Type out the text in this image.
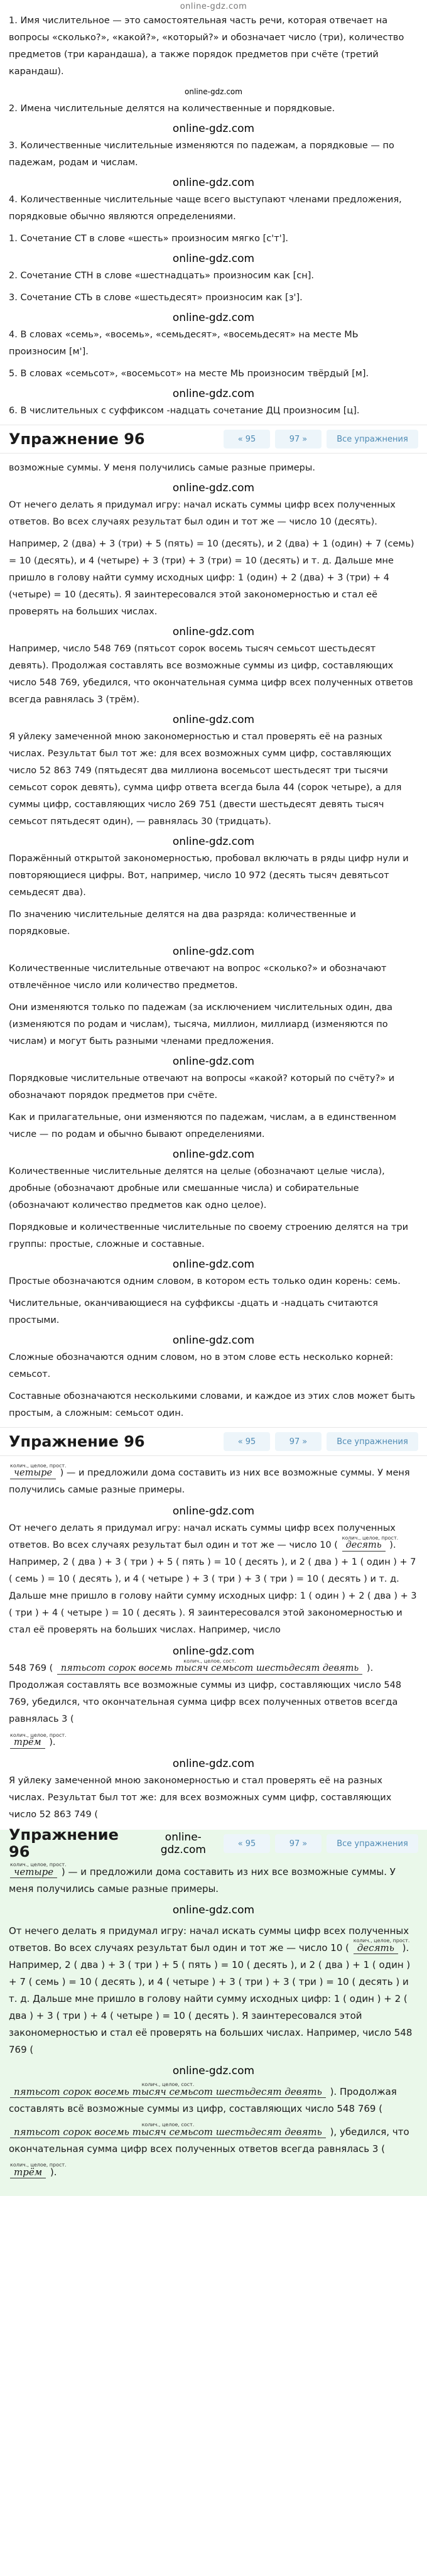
online-gdz.com

1. Имя числительное — это самостоятельная часть речи, которая отвечает на вопросы «сколько?», «какой?», «который?» и обозначает число (три), количество предметов (три карандаша), а также порядок предметов при счёте (третий карандаш).

online-gdz.com

2. Имена числительные делятся на количественные и порядковые.

online-gdz.com

3. Количественные числительные изменяются по падежам, а порядковые — по падежам, родам и числам.

online-gdz.com

4. Количественные числительные чаще всего выступают членами предложения, порядковые обычно являются определениями.

1. Сочетание СТ в слове «шесть» произносим мягко [с'т'].

online-gdz.com

2. Сочетание СТН в слове «шестнадцать» произносим как [сн].

3. Сочетание СТЬ в слове «шестьдесят» произносим как [з'].

online-gdz.com

4. В словах «семь», «восемь», «семьдесят», «восемьдесят» на месте МЬ произносим [м'].

5. В словах «семьсот», «восемьсот» на месте МЬ произносим твёрдый [м].

online-gdz.com

6. В числительных с суффиксом -надцать сочетание ДЦ произносим [ц].

Упражнение 96	« 95	97 »	Все упражнения

возможные суммы. У меня получились самые разные примеры.

online-gdz.com

От нечего делать я придумал игру: начал искать суммы цифр всех полученных ответов. Во всех случаях результат был один и тот же — число 10 (десять).

Например, 2 (два) + 3 (три) + 5 (пять) = 10 (десять), и 2 (два) + 1 (один) + 7 (семь) = 10 (десять), и 4 (четыре) + 3 (три) + 3 (три) = 10 (десять) и т. д. Дальше мне пришло в голову найти сумму исходных цифр: 1 (один) + 2 (два) + 3 (три) + 4 (четыре) = 10 (десять). Я заинтересовался этой закономерностью и стал её проверять на больших числах.

online-gdz.com

Например, число 548 769 (пятьсот сорок восемь тысяч семьсот шестьдесят девять). Продолжая составлять все возможные суммы из цифр, составляющих число 548 769, убедился, что окончательная сумма цифр всех полученных ответов всегда равнялась 3 (трём).

online-gdz.com

Я уйлеку замеченной мною закономерностью и стал проверять её на разных числах. Результат был тот же: для всех возможных сумм цифр, составляющих число 52 863 749 (пятьдесят два миллиона восемьсот шестьдесят три тысячи семьсот сорок девять), сумма цифр ответа всегда была 44 (сорок четыре), а для суммы цифр, составляющих число 269 751 (двести шестьдесят девять тысяч семьсот пятьдесят один), — равнялась 30 (тридцать).

online-gdz.com

Поражённый открытой закономерностью, пробовал включать в ряды цифр нули и повторяющиеся цифры. Вот, например, число 10 972 (десять тысяч девятьсот семьдесят два).

По значению числительные делятся на два разряда: количественные и порядковые.

online-gdz.com

Количественные числительные отвечают на вопрос «сколько?» и обозначают отвлечённое число или количество предметов.

Они изменяются только по падежам (за исключением числительных один, два (изменяются по родам и числам), тысяча, миллион, миллиард (изменяются по числам) и могут быть разными членами предложения.

online-gdz.com

Порядковые числительные отвечают на вопросы «какой? который по счёту?» и обозначают порядок предметов при счёте.

Как и прилагательные, они изменяются по падежам, числам, а в единственном числе — по родам и обычно бывают определениями.

online-gdz.com

Количественные числительные делятся на целые (обозначают целые числа), дробные (обозначают дробные или смешанные числа) и собирательные (обозначают количество предметов как одно целое).

Порядковые и количественные числительные по своему строению делятся на три группы: простые, сложные и составные.

online-gdz.com

Простые обозначаются одним словом, в котором есть только один корень: семь.

Числительные, оканчивающиеся на суффиксы -дцать и -надцать считаются простыми.

online-gdz.com

Сложные обозначаются одним словом, но в этом слове есть несколько корней: семьсот.

Составные обозначаются несколькими словами, и каждое из этих слов может быть простым, а сложным: семьсот один.

Упражнение 96	« 95	97 »	Все упражнения

колич., целое, прост.
четыре ) — и предложили дома составить из них все возможные суммы. У меня получились самые разные примеры.

online-gdz.com

От нечего делать я придумал игру: начал искать суммы цифр всех полученных ответов. Во всех случаях результат был один и тот же — число 10 (
колич., целое, прост.
десять ). Например, 2 ( два ) + 3 ( три ) + 5 ( пять ) = 10 ( десять ), и 2 ( два ) + 1 ( один ) + 7 ( семь ) = 10 ( десять ), и 4 ( четыре ) + 3 ( три ) + 3 ( три ) = 10 ( десять ) и т. д. Дальше мне пришло в голову найти сумму исходных цифр: 1 ( один ) + 2 ( два ) + 3 ( три ) + 4 ( четыре ) = 10 ( десять ). Я заинтересовался этой закономерностью и стал её проверять на больших числах. Например, число

online-gdz.com

548 769 (
колич., целое, сост.
пятьсот сорок восемь тысяч семьсот шестьдесят девять ). Продолжая составлять все возможные суммы из цифр, составляющих число 548 769, убедился, что окончательная сумма цифр всех полученных ответов всегда равнялась 3 (

колич., целое, прост.
трём ).

online-gdz.com

Я уйлеку замеченной мною закономерностью и стал проверять её на разных числах. Результат был тот же: для всех возможных сумм цифр, составляющих число 52 863 749 (

Упражнение 96
online-gdz.com	« 95	97 »	Все упражнения

колич., целое, прост.
четыре ) — и предложили дома составить из них все возможные суммы. У меня получились самые разные примеры.

online-gdz.com

От нечего делать я придумал игру: начал искать суммы цифр всех полученных ответов. Во всех случаях результат был один и тот же — число 10 (
колич., целое, прост.
десять ). Например, 2 ( два ) + 3 ( три ) + 5 ( пять ) = 10 ( десять ), и 2 ( два ) + 1 ( один ) + 7 ( семь ) = 10 ( десять ), и 4 ( четыре ) + 3 ( три ) + 3 ( три ) = 10 ( десять ) и т. д. Дальше мне пришло в голову найти сумму исходных цифр: 1 ( один ) + 2 ( два ) + 3 ( три ) + 4 ( четыре ) = 10 ( десять ). Я заинтересовался этой закономерностью и стал её проверять на больших числах. Например, число 548 769 (

online-gdz.com

колич., целое, сост.
пятьсот сорок восемь тысяч семьсот шестьдесят девять ). Продолжая составлять всё возможные суммы из цифр, составляющих число 548 769 (

колич., целое, сост.
пятьсот сорок восемь тысяч семьсот шестьдесят девять ), убедился, что окончательная сумма цифр всех полученных ответов всегда равнялась 3 (

колич., целое, прост.
трём ).
